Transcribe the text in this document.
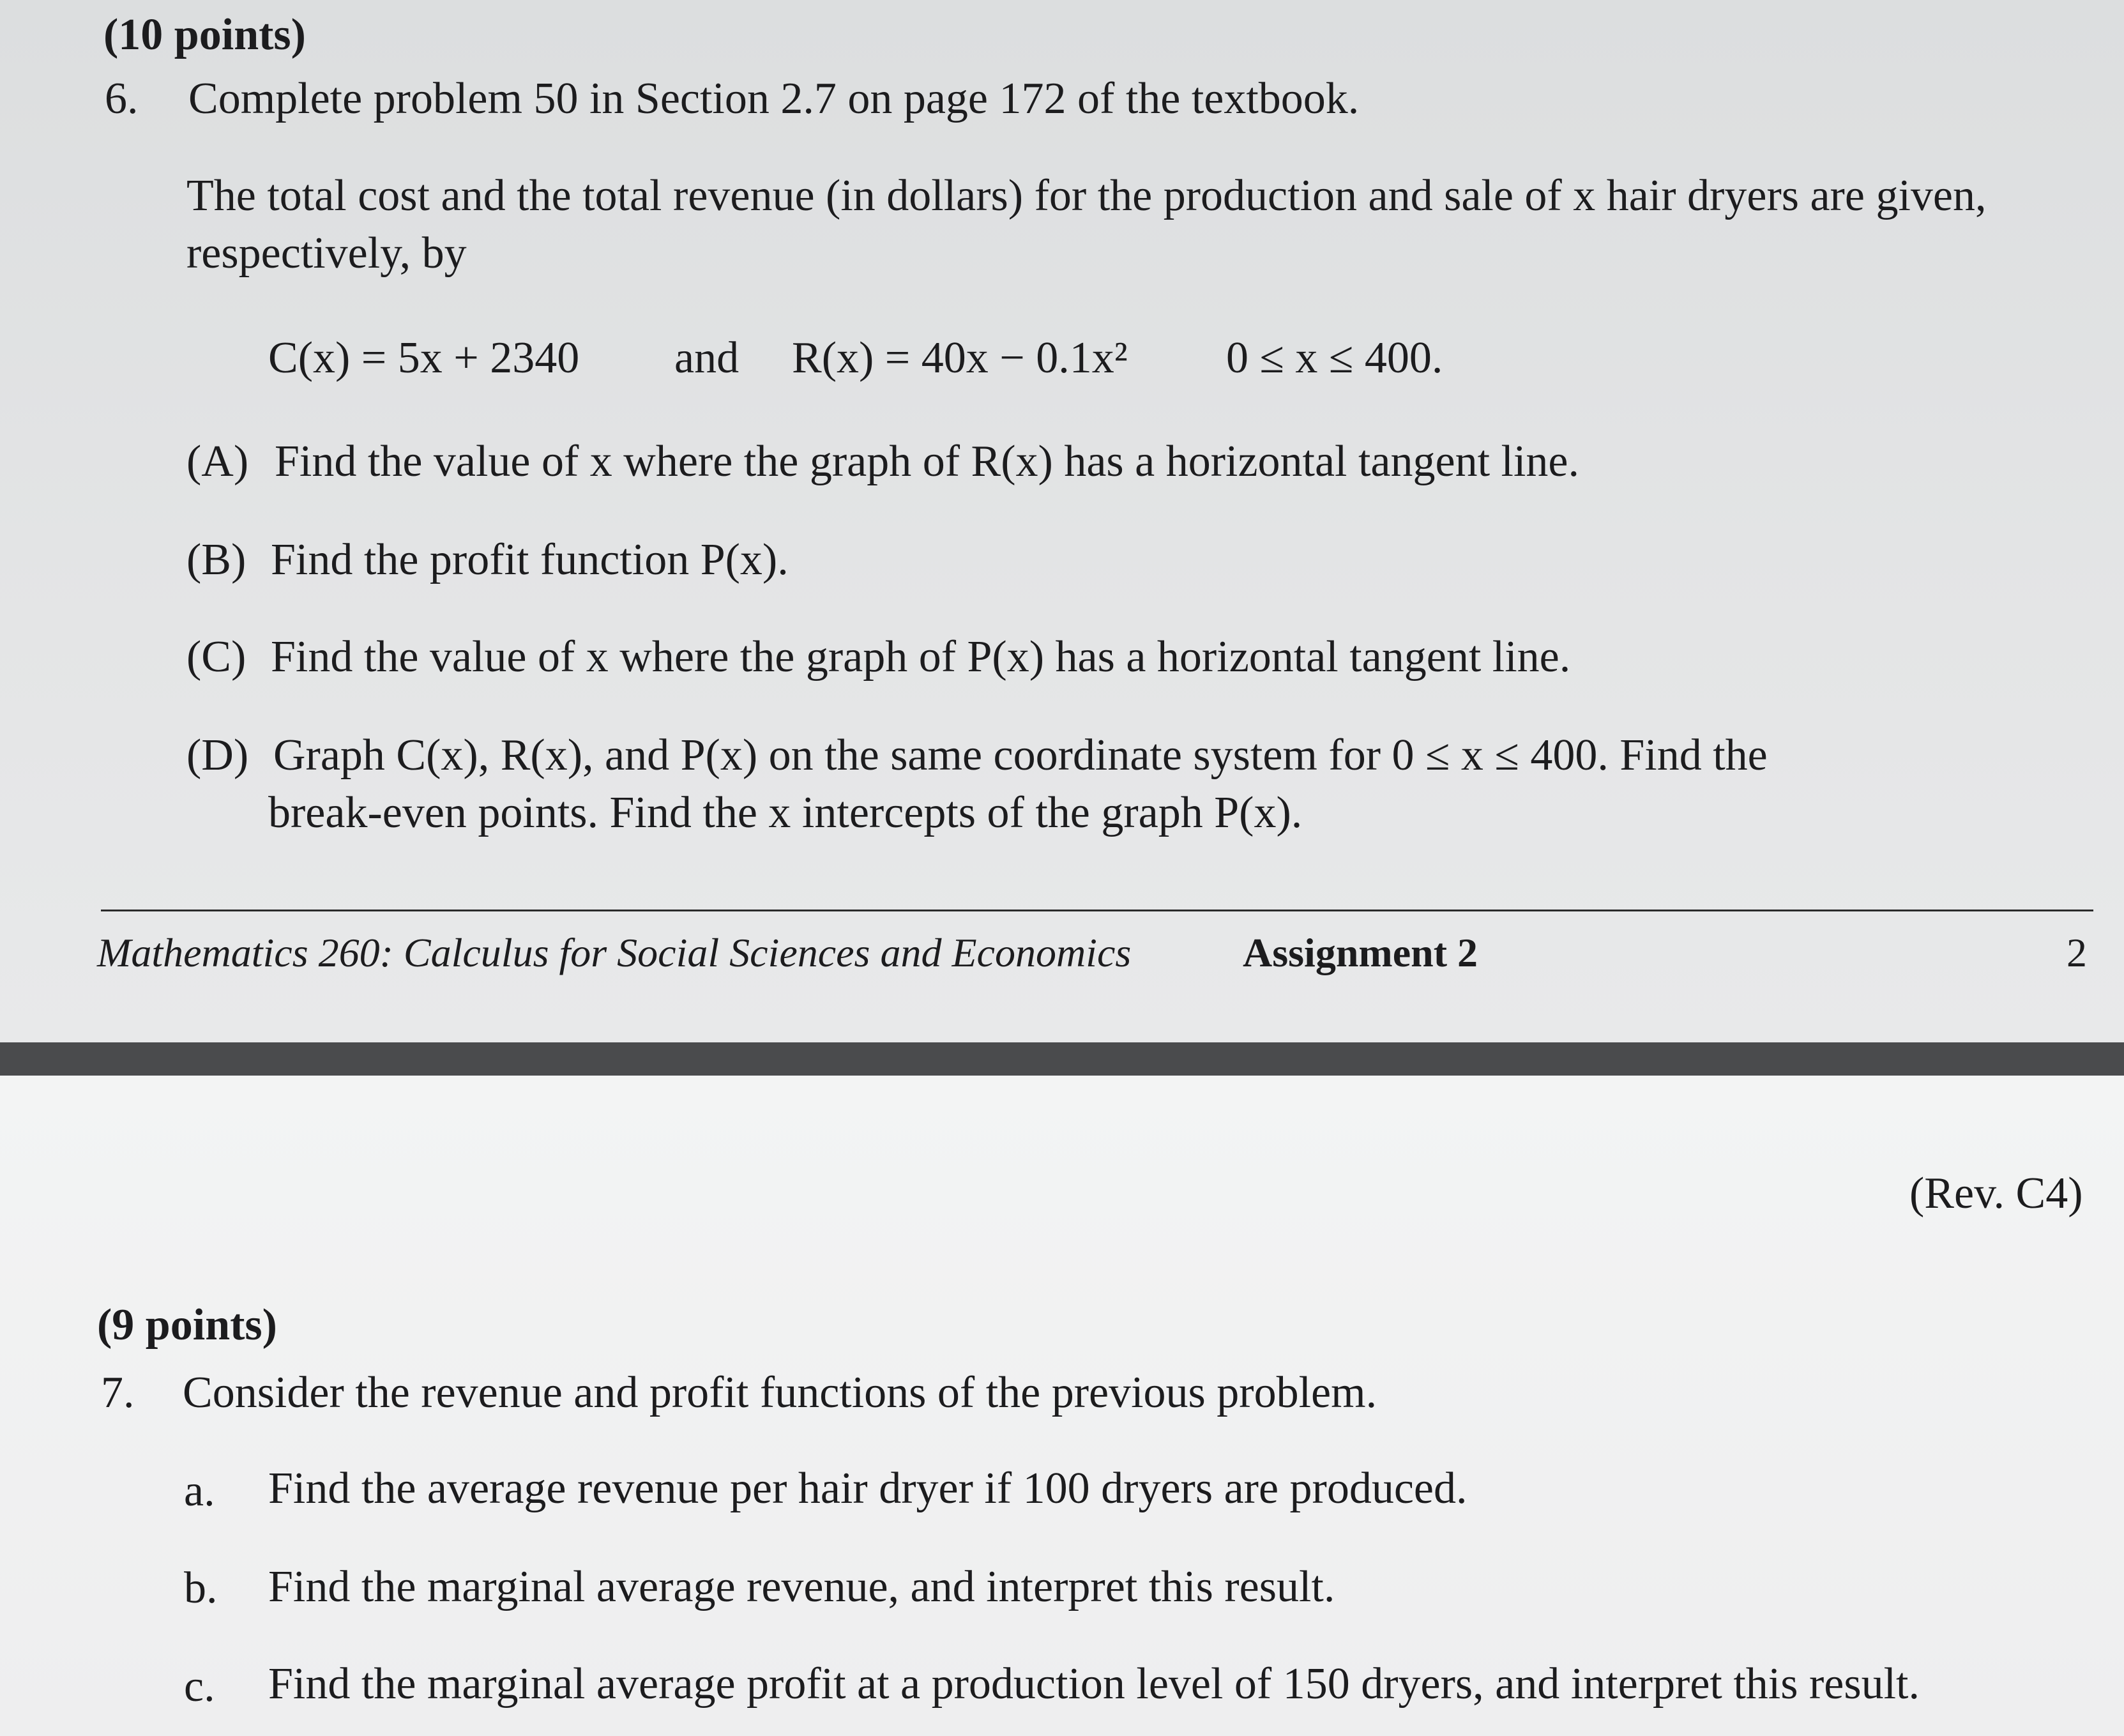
(10 points)
6. Complete problem 50 in Section 2.7 on page 172 of the textbook.
The total cost and the total revenue (in dollars) for the production and sale of x hair dryers are given,
respectively, by
C(x) = 5x + 2340 and R(x) = 40x − 0.1x² 0 ≤ x ≤ 400.
(A) Find the value of x where the graph of R(x) has a horizontal tangent line.
(B) Find the profit function P(x).
(C) Find the value of x where the graph of P(x) has a horizontal tangent line.
(D) Graph C(x), R(x), and P(x) on the same coordinate system for 0 ≤ x ≤ 400. Find the
break-even points. Find the x intercepts of the graph P(x).
Mathematics 260: Calculus for Social Sciences and Economics	Assignment 2	2
(Rev. C4)
(9 points)
7. Consider the revenue and profit functions of the previous problem.
a. Find the average revenue per hair dryer if 100 dryers are produced.
b. Find the marginal average revenue, and interpret this result.
c. Find the marginal average profit at a production level of 150 dryers, and interpret this result.
